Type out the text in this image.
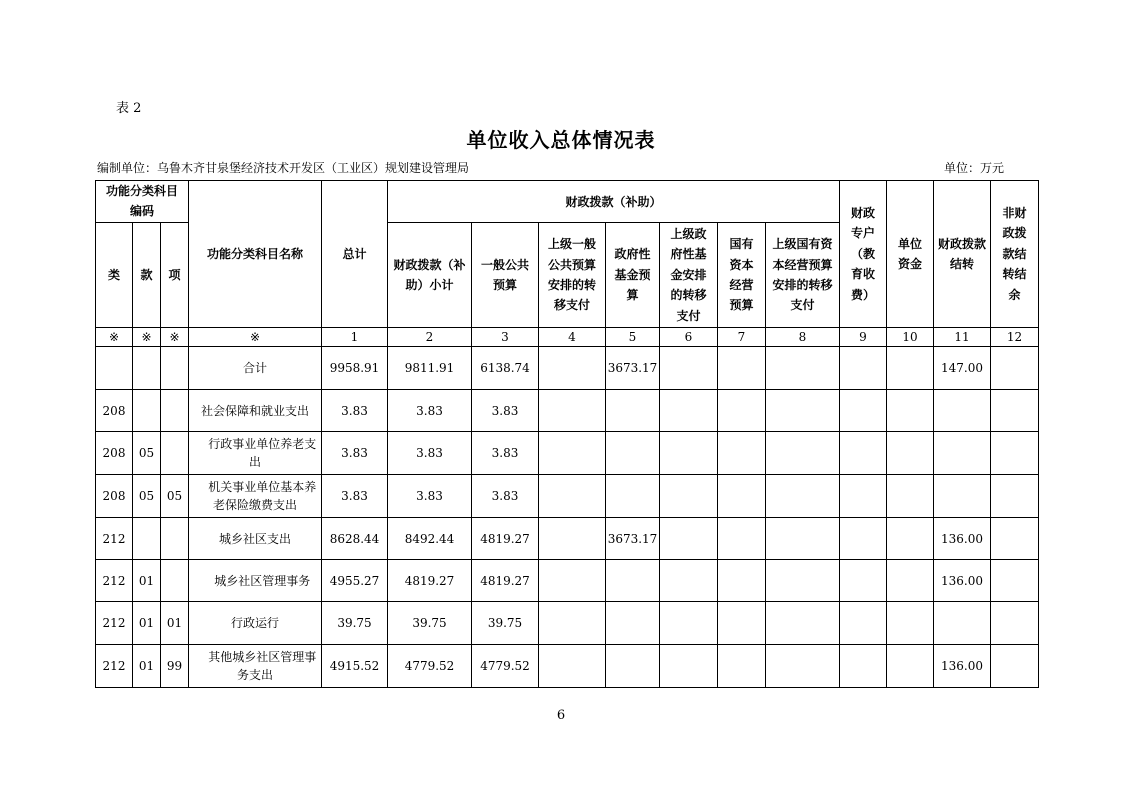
表 2
单位收入总体情况表
编制单位：乌鲁木齐甘泉堡经济技术开发区（工业区）规划建设管理局	单位：万元
功能分类科目编码			功能分类科目名称	总计	财政拨款（补助）							财政专户（教育收费）	单位资金	财政拨款结转	非财政拨款结转结余
类	款	项			财政拨款（补助）小计	一般公共预算	上级一般公共预算安排的转移支付	政府性基金预算	上级政府性基金安排的转移支付	国有资本经营预算	上级国有资本经营预算安排的转移支付				
※	※	※	※	1	2	3	4	5	6	7	8	9	10	11	12
			合计	9958.91	9811.91	6138.74		3673.17						147.00	
208			社会保障和就业支出	3.83	3.83	3.83									
208	05		行政事业单位养老支出	3.83	3.83	3.83									
208	05	05	机关事业单位基本养老保险缴费支出	3.83	3.83	3.83									
212			城乡社区支出	8628.44	8492.44	4819.27		3673.17						136.00	
212	01		城乡社区管理事务	4955.27	4819.27	4819.27								136.00	
212	01	01	行政运行	39.75	39.75	39.75									
212	01	99	其他城乡社区管理事务支出	4915.52	4779.52	4779.52								136.00	
6
